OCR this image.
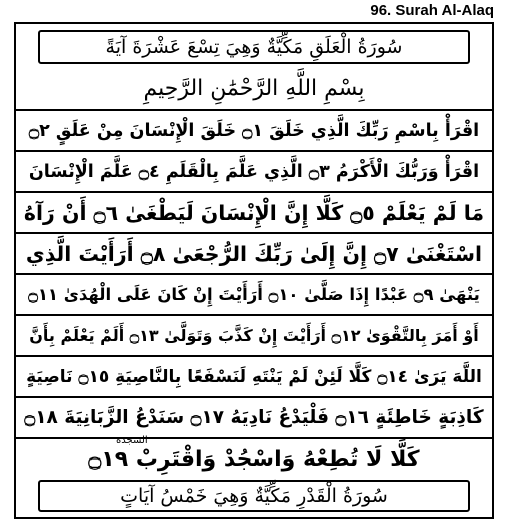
96. Surah Al-Alaq
سُورَةُ الْعَلَقِ مَكِّيَّةٌ وَهِيَ تِسْعَ عَشْرَةَ آيَةً
بِسْمِ اللَّهِ الرَّحْمَٰنِ الرَّحِيمِ
اقْرَأْ بِاسْمِ رَبِّكَ الَّذِي خَلَقَ ۝١ خَلَقَ الْإِنْسَانَ مِنْ عَلَقٍ ۝٢
اقْرَأْ وَرَبُّكَ الْأَكْرَمُ ۝٣ الَّذِي عَلَّمَ بِالْقَلَمِ ۝٤ عَلَّمَ الْإِنْسَانَ
مَا لَمْ يَعْلَمْ ۝٥ كَلَّا إِنَّ الْإِنْسَانَ لَيَطْغَىٰ ۝٦ أَنْ رَآهُ
اسْتَغْنَىٰ ۝٧ إِنَّ إِلَىٰ رَبِّكَ الرُّجْعَىٰ ۝٨ أَرَأَيْتَ الَّذِي
يَنْهَىٰ ۝٩ عَبْدًا إِذَا صَلَّىٰ ۝١٠ أَرَأَيْتَ إِنْ كَانَ عَلَى الْهُدَىٰ ۝١١
أَوْ أَمَرَ بِالتَّقْوَىٰ ۝١٢ أَرَأَيْتَ إِنْ كَذَّبَ وَتَوَلَّىٰ ۝١٣ أَلَمْ يَعْلَمْ بِأَنَّ
اللَّهَ يَرَىٰ ۝١٤ كَلَّا لَئِنْ لَمْ يَنْتَهِ لَنَسْفَعًا بِالنَّاصِيَةِ ۝١٥ نَاصِيَةٍ
كَاذِبَةٍ خَاطِئَةٍ ۝١٦ فَلْيَدْعُ نَادِيَهُ ۝١٧ سَنَدْعُ الزَّبَانِيَةَ ۝١٨
كَلَّا لَا تُطِعْهُ وَاسْجُدْ وَاقْتَرِبْ ۝١٩
السجدة
سُورَةُ الْقَدْرِ مَكِّيَّةٌ وَهِيَ خَمْسُ آيَاتٍ
